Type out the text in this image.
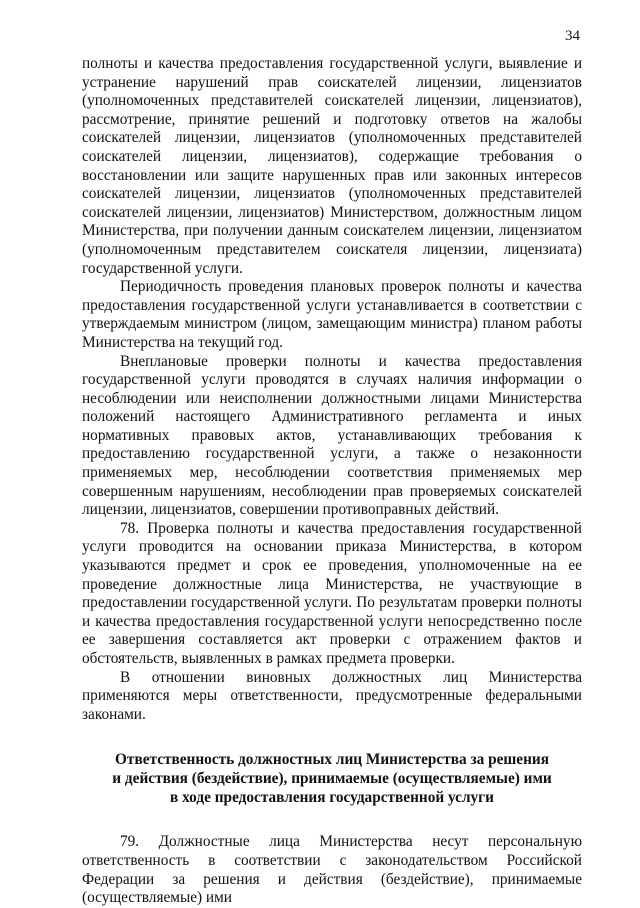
34

полноты и качества предоставления государственной услуги, выявление и устранение нарушений прав соискателей лицензии, лицензиатов (уполномоченных представителей соискателей лицензии, лицензиатов), рассмотрение, принятие решений и подготовку ответов на жалобы соискателей лицензии, лицензиатов (уполномоченных представителей соискателей лицензии, лицензиатов), содержащие требования о восстановлении или защите нарушенных прав или законных интересов соискателей лицензии, лицензиатов (уполномоченных представителей соискателей лицензии, лицензиатов) Министерством, должностным лицом Министерства, при получении данным соискателем лицензии, лицензиатом (уполномоченным представителем соискателя лицензии, лицензиата) государственной услуги.

Периодичность проведения плановых проверок полноты и качества предоставления государственной услуги устанавливается в соответствии с утверждаемым министром (лицом, замещающим министра) планом работы Министерства на текущий год.

Внеплановые проверки полноты и качества предоставления государственной услуги проводятся в случаях наличия информации о несоблюдении или неисполнении должностными лицами Министерства положений настоящего Административного регламента и иных нормативных правовых актов, устанавливающих требования к предоставлению государственной услуги, а также о незаконности применяемых мер, несоблюдении соответствия применяемых мер совершенным нарушениям, несоблюдении прав проверяемых соискателей лицензии, лицензиатов, совершении противоправных действий.

78. Проверка полноты и качества предоставления государственной услуги проводится на основании приказа Министерства, в котором указываются предмет и срок ее проведения, уполномоченные на ее проведение должностные лица Министерства, не участвующие в предоставлении государственной услуги. По результатам проверки полноты и качества предоставления государственной услуги непосредственно после ее завершения составляется акт проверки с отражением фактов и обстоятельств, выявленных в рамках предмета проверки.

В отношении виновных должностных лиц Министерства применяются меры ответственности, предусмотренные федеральными законами.

Ответственность должностных лиц Министерства за решения
и действия (бездействие), принимаемые (осуществляемые) ими
в ходе предоставления государственной услуги

79. Должностные лица Министерства несут персональную ответственность в соответствии с законодательством Российской Федерации за решения и действия (бездействие), принимаемые (осуществляемые) ими
